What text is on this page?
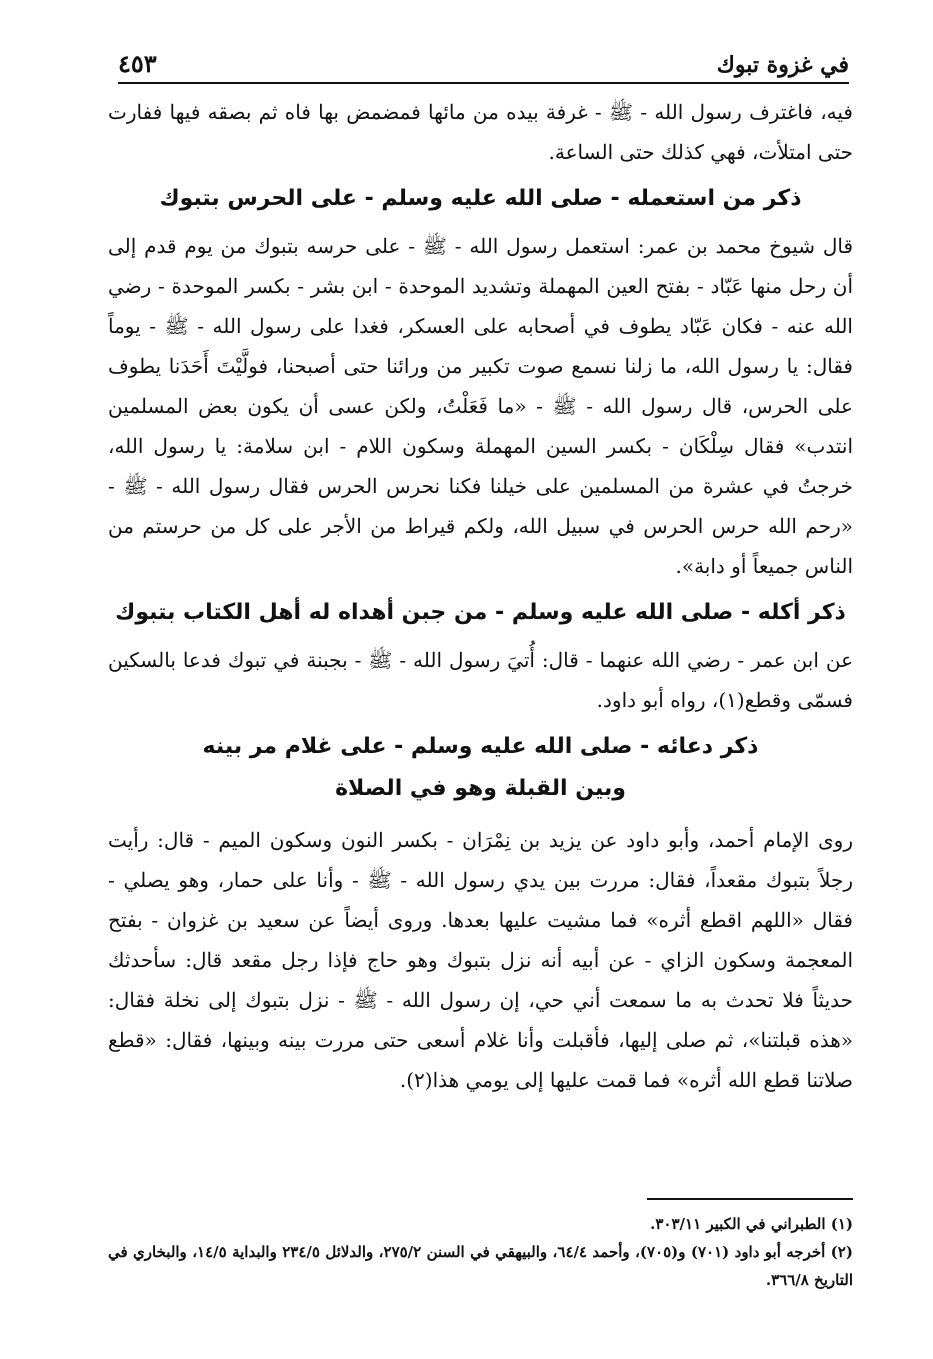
٤٥٣	في غزوة تبوك

فيه، فاغترف رسول الله - ﷺ - غرفة بيده من مائها فمضمض بها فاه ثم بصقه فيها ففارت حتى امتلأت، فهي كذلك حتى الساعة.

ذكر من استعمله - صلى الله عليه وسلم - على الحرس بتبوك

قال شيوخ محمد بن عمر: استعمل رسول الله - ﷺ - على حرسه بتبوك من يوم قدم إلى أن رحل منها عَبّاد - بفتح العين المهملة وتشديد الموحدة - ابن بشر - بكسر الموحدة - رضي الله عنه - فكان عَبّاد يطوف في أصحابه على العسكر، فغدا على رسول الله - ﷺ - يوماً فقال: يا رسول الله، ما زلنا نسمع صوت تكبير من ورائنا حتى أصبحنا، فولَّيْتَ أَحَدَنا يطوف على الحرس، قال رسول الله - ﷺ - «ما فَعَلْتُ، ولكن عسى أن يكون بعض المسلمين انتدب» فقال سِلْكَان - بكسر السين المهملة وسكون اللام - ابن سلامة: يا رسول الله، خرجتُ في عشرة من المسلمين على خيلنا فكنا نحرس الحرس فقال رسول الله - ﷺ - «رحم الله حرس الحرس في سبيل الله، ولكم قيراط من الأجر على كل من حرستم من الناس جميعاً أو دابة».

ذكر أكله - صلى الله عليه وسلم - من جبن أهداه له أهل الكتاب بتبوك

عن ابن عمر - رضي الله عنهما - قال: أُتيَ رسول الله - ﷺ - بجبنة في تبوك فدعا بالسكين فسمّى وقطع(١)، رواه أبو داود.

ذكر دعائه - صلى الله عليه وسلم - على غلام مر بينه
وبين القبلة وهو في الصلاة

روى الإمام أحمد، وأبو داود عن يزيد بن نِمْرَان - بكسر النون وسكون الميم - قال: رأيت رجلاً بتبوك مقعداً، فقال: مررت بين يدي رسول الله - ﷺ - وأنا على حمار، وهو يصلي - فقال «اللهم اقطع أثره» فما مشيت عليها بعدها. وروى أيضاً عن سعيد بن غزوان - بفتح المعجمة وسكون الزاي - عن أبيه أنه نزل بتبوك وهو حاج فإذا رجل مقعد قال: سأحدثك حديثاً فلا تحدث به ما سمعت أني حي، إن رسول الله - ﷺ - نزل بتبوك إلى نخلة فقال: «هذه قبلتنا»، ثم صلى إليها، فأقبلت وأنا غلام أسعى حتى مررت بينه وبينها، فقال: «قطع صلاتنا قطع الله أثره» فما قمت عليها إلى يومي هذا(٢).

(١) الطبراني في الكبير ٣٠٣/١١.

(٢) أخرجه أبو داود (٧٠١) و(٧٠٥)، وأحمد ٦٤/٤، والبيهقي في السنن ٢٧٥/٢، والدلائل ٢٣٤/٥ والبداية ١٤/٥، والبخاري في التاريخ ٣٦٦/٨.
